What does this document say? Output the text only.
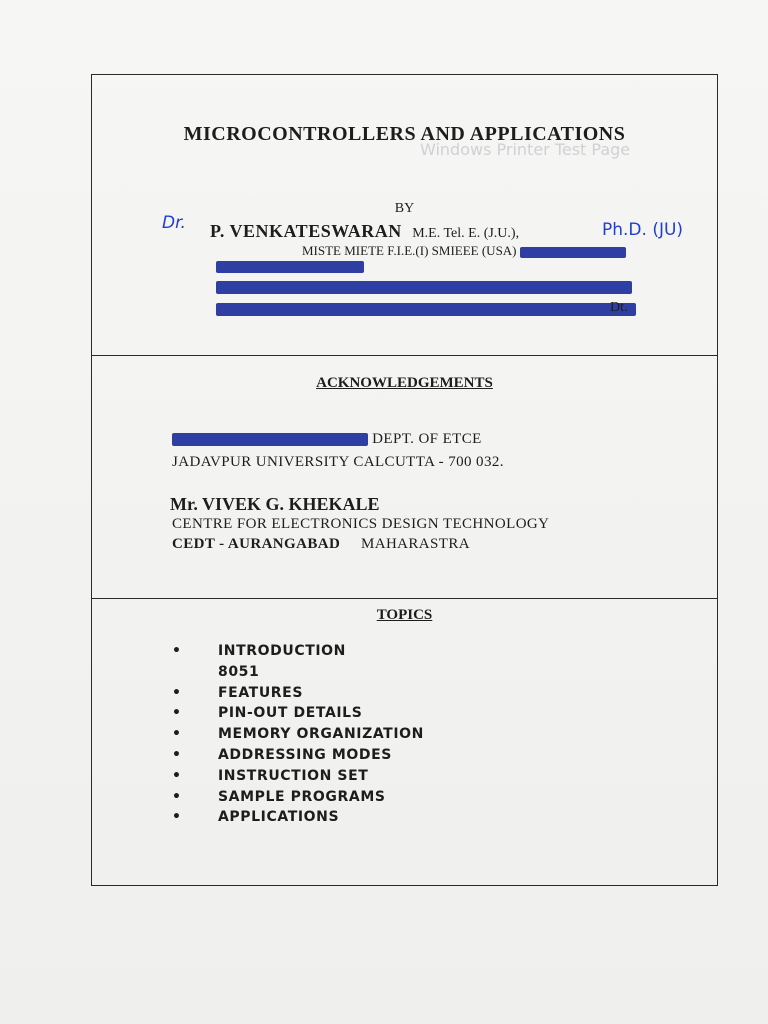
Windows Printer Test Page
MICROCONTROLLERS AND APPLICATIONS
BY
Dr. P. VENKATESWARAN M.E. Tel. E. (J.U.),	Ph.D. (JU)
MISTE MIETE F.I.E.(I) SMIEEE (USA)
Dt.
ACKNOWLEDGEMENTS
DEPT. OF ETCE
JADAVPUR UNIVERSITY CALCUTTA - 700 032.
Mr. VIVEK G. KHEKALE
CENTRE FOR ELECTRONICS DESIGN TECHNOLOGY
CEDT - AURANGABAD MAHARASTRA
TOPICS
•	INTRODUCTION
8051
•	FEATURES
•	PIN-OUT DETAILS
•	MEMORY ORGANIZATION
•	ADDRESSING MODES
•	INSTRUCTION SET
•	SAMPLE PROGRAMS
•	APPLICATIONS
